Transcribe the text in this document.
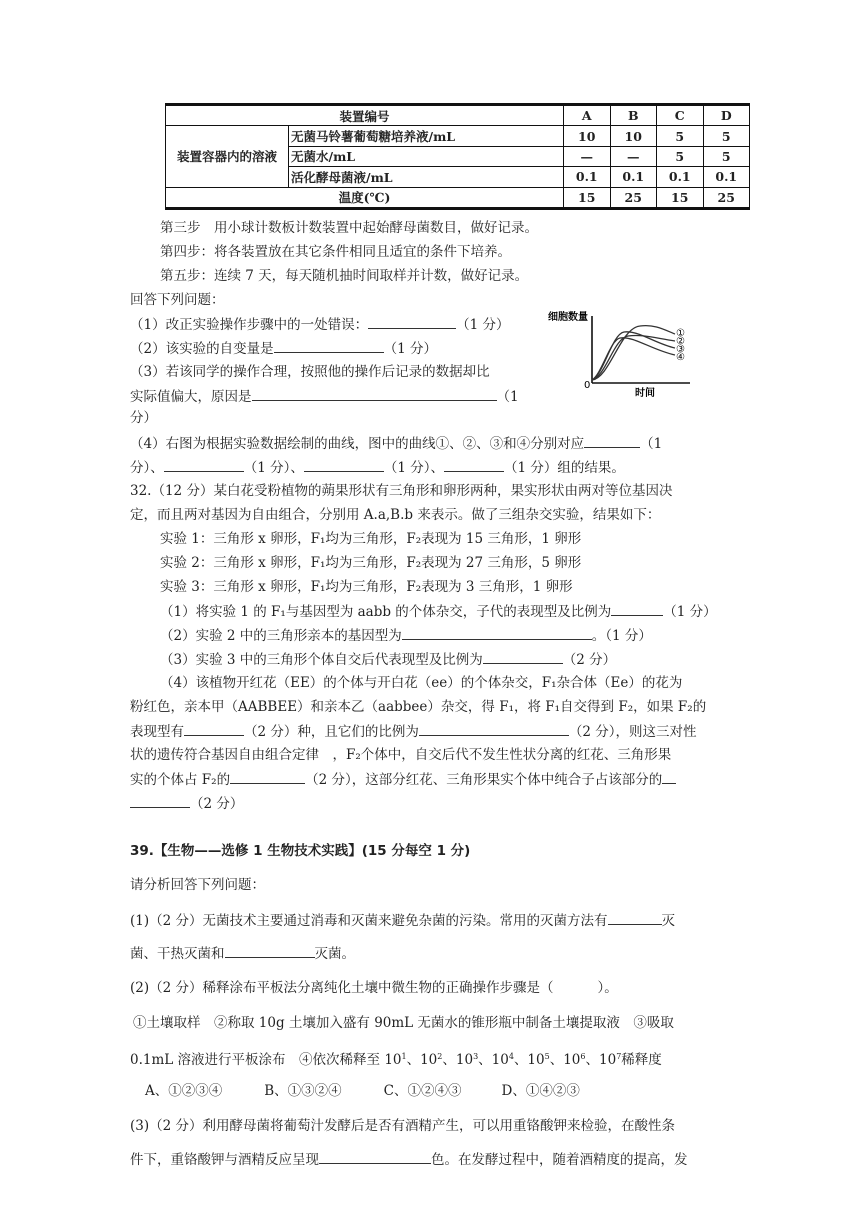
装置编号		A	B	C	D
装置容器内的溶液	无菌马铃薯葡萄糖培养液/mL	10	10	5	5
	无菌水/mL	—	—	5	5
	活化酵母菌液/mL	0.1	0.1	0.1	0.1
温度(℃)		15	25	15	25
第三步　用小球计数板计数装置中起始酵母菌数目，做好记录。
第四步：将各装置放在其它条件相同且适宜的条件下培养。
第五步：连续 7 天，每天随机抽时间取样并计数，做好记录。
回答下列问题：
（1）改正实验操作步骤中的一处错误：	（1 分）
（2）该实验的自变量是	（1 分）
（3）若该同学的操作合理，按照他的操作后记录的数据却比
实际值偏大，原因是	（1
分）
（4）右图为根据实验数据绘制的曲线，图中的曲线①、②、③和④分别对应	（1
分）、	（1 分）、	（1 分）、	（1 分）组的结果。
细胞数量
0
时间
①
②
③
④
32.（12 分）某白花受粉植物的蒴果形状有三角形和卵形两种，果实形状由两对等位基因决
定，而且两对基因为自由组合，分别用 A.a,B.b 来表示。做了三组杂交实验，结果如下：
实验 1：三角形 x 卵形，F₁均为三角形，F₂表现为 15 三角形，1 卵形
实验 2：三角形 x 卵形，F₁均为三角形，F₂表现为 27 三角形，5 卵形
实验 3：三角形 x 卵形，F₁均为三角形，F₂表现为 3 三角形，1 卵形
（1）将实验 1 的 F₁与基因型为 aabb 的个体杂交，子代的表现型及比例为	（1 分）
（2）实验 2 中的三角形亲本的基因型为	。（1 分）
（3）实验 3 中的三角形个体自交后代表现型及比例为	（2 分）
（4）该植物开红花（EE）的个体与开白花（ee）的个体杂交，F₁杂合体（Ee）的花为
粉红色，亲本甲（AABBEE）和亲本乙（aabbee）杂交，得 F₁，将 F₁自交得到 F₂，如果 F₂的
表现型有	（2 分）种，且它们的比例为	（2 分），则这三对性
状的遗传符合基因自由组合定律　，F₂个体中，自交后代不发生性状分离的红花、三角形果
实的个体占 F₂的	（2 分），这部分红花、三角形果实个体中纯合子占该部分的
（2 分）
39.【生物——选修 1 生物技术实践】(15 分每空 1 分)
请分析回答下列问题：
(1)（2 分）无菌技术主要通过消毒和灭菌来避免杂菌的污染。常用的灭菌方法有	灭
菌、干热灭菌和	灭菌。
(2)（2 分）稀释涂布平板法分离纯化土壤中微生物的正确操作步骤是（	）。
①土壤取样　②称取 10g 土壤加入盛有 90mL 无菌水的锥形瓶中制备土壤提取液　③吸取
0.1mL 溶液进行平板涂布　④依次稀释至 $10^1$、$10^2$、$10^3$、$10^4$、$10^5$、$10^6$、$10^7$稀释度
A、①②③④	B、①③②④	C、①②④③	D、①④②③
(3)（2 分）利用酵母菌将葡萄汁发酵后是否有酒精产生，可以用重铬酸钾来检验，在酸性条
件下，重铬酸钾与酒精反应呈现	色。在发酵过程中，随着酒精度的提高，发
